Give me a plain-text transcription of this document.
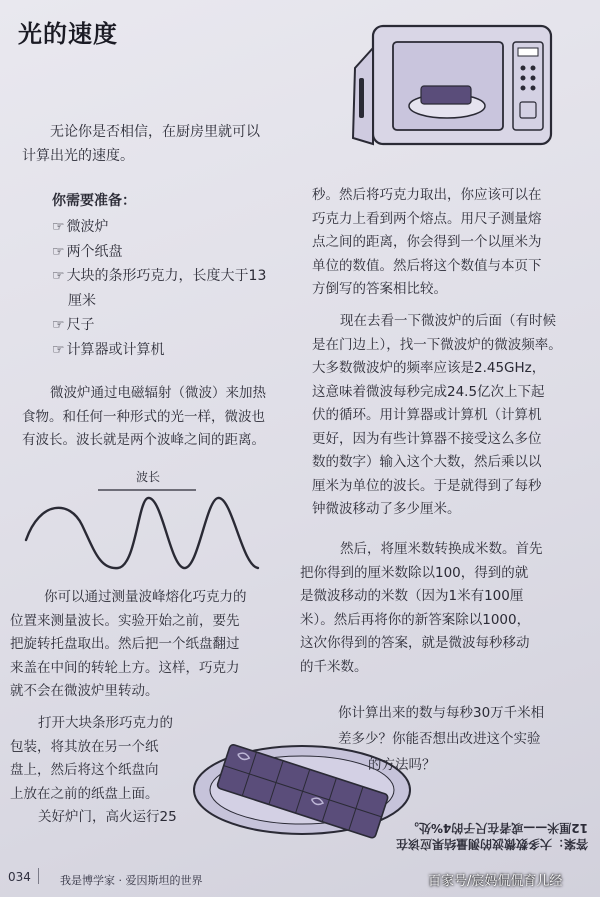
光的速度
无论你是否相信，在厨房里就可以
计算出光的速度。
你需要准备：
☞ 微波炉
☞ 两个纸盘
☞ 大块的条形巧克力，长度大于13
厘米
☞ 尺子
☞ 计算器或计算机
微波炉通过电磁辐射（微波）来加热
食物。和任何一种形式的光一样，微波也
有波长。波长就是两个波峰之间的距离。
波长
你可以通过测量波峰熔化巧克力的
位置来测量波长。实验开始之前，要先
把旋转托盘取出。然后把一个纸盘翻过
来盖在中间的转轮上方。这样，巧克力
就不会在微波炉里转动。
打开大块条形巧克力的
包装，将其放在另一个纸
盘上，然后将这个纸盘向
上放在之前的纸盘上面。
关好炉门，高火运行25
秒。然后将巧克力取出，你应该可以在
巧克力上看到两个熔点。用尺子测量熔
点之间的距离，你会得到一个以厘米为
单位的数值。然后将这个数值与本页下
方倒写的答案相比较。
现在去看一下微波炉的后面（有时候
是在门边上），找一下微波炉的微波频率。
大多数微波炉的频率应该是2.45GHz，
这意味着微波每秒完成24.5亿次上下起
伏的循环。用计算器或计算机（计算机
更好，因为有些计算器不接受这么多位
数的数字）输入这个大数，然后乘以以
厘米为单位的波长。于是就得到了每秒
钟微波移动了多少厘米。
然后，将厘米数转换成米数。首先
把你得到的厘米数除以100，得到的就
是微波移动的米数（因为1米有100厘
米）。然后再将你的新答案除以1000，
这次你得到的答案，就是微波每秒移动
的千米数。
你计算出来的数与每秒30万千米相
差多少？你能否想出改进这个实验
的方法吗？
答案：大多数微波的测量结果应该在
12厘米——或者在尺子的4%处。
034	我是博学家 · 爱因斯坦的世界	百家号/宸妈侃侃育儿经
